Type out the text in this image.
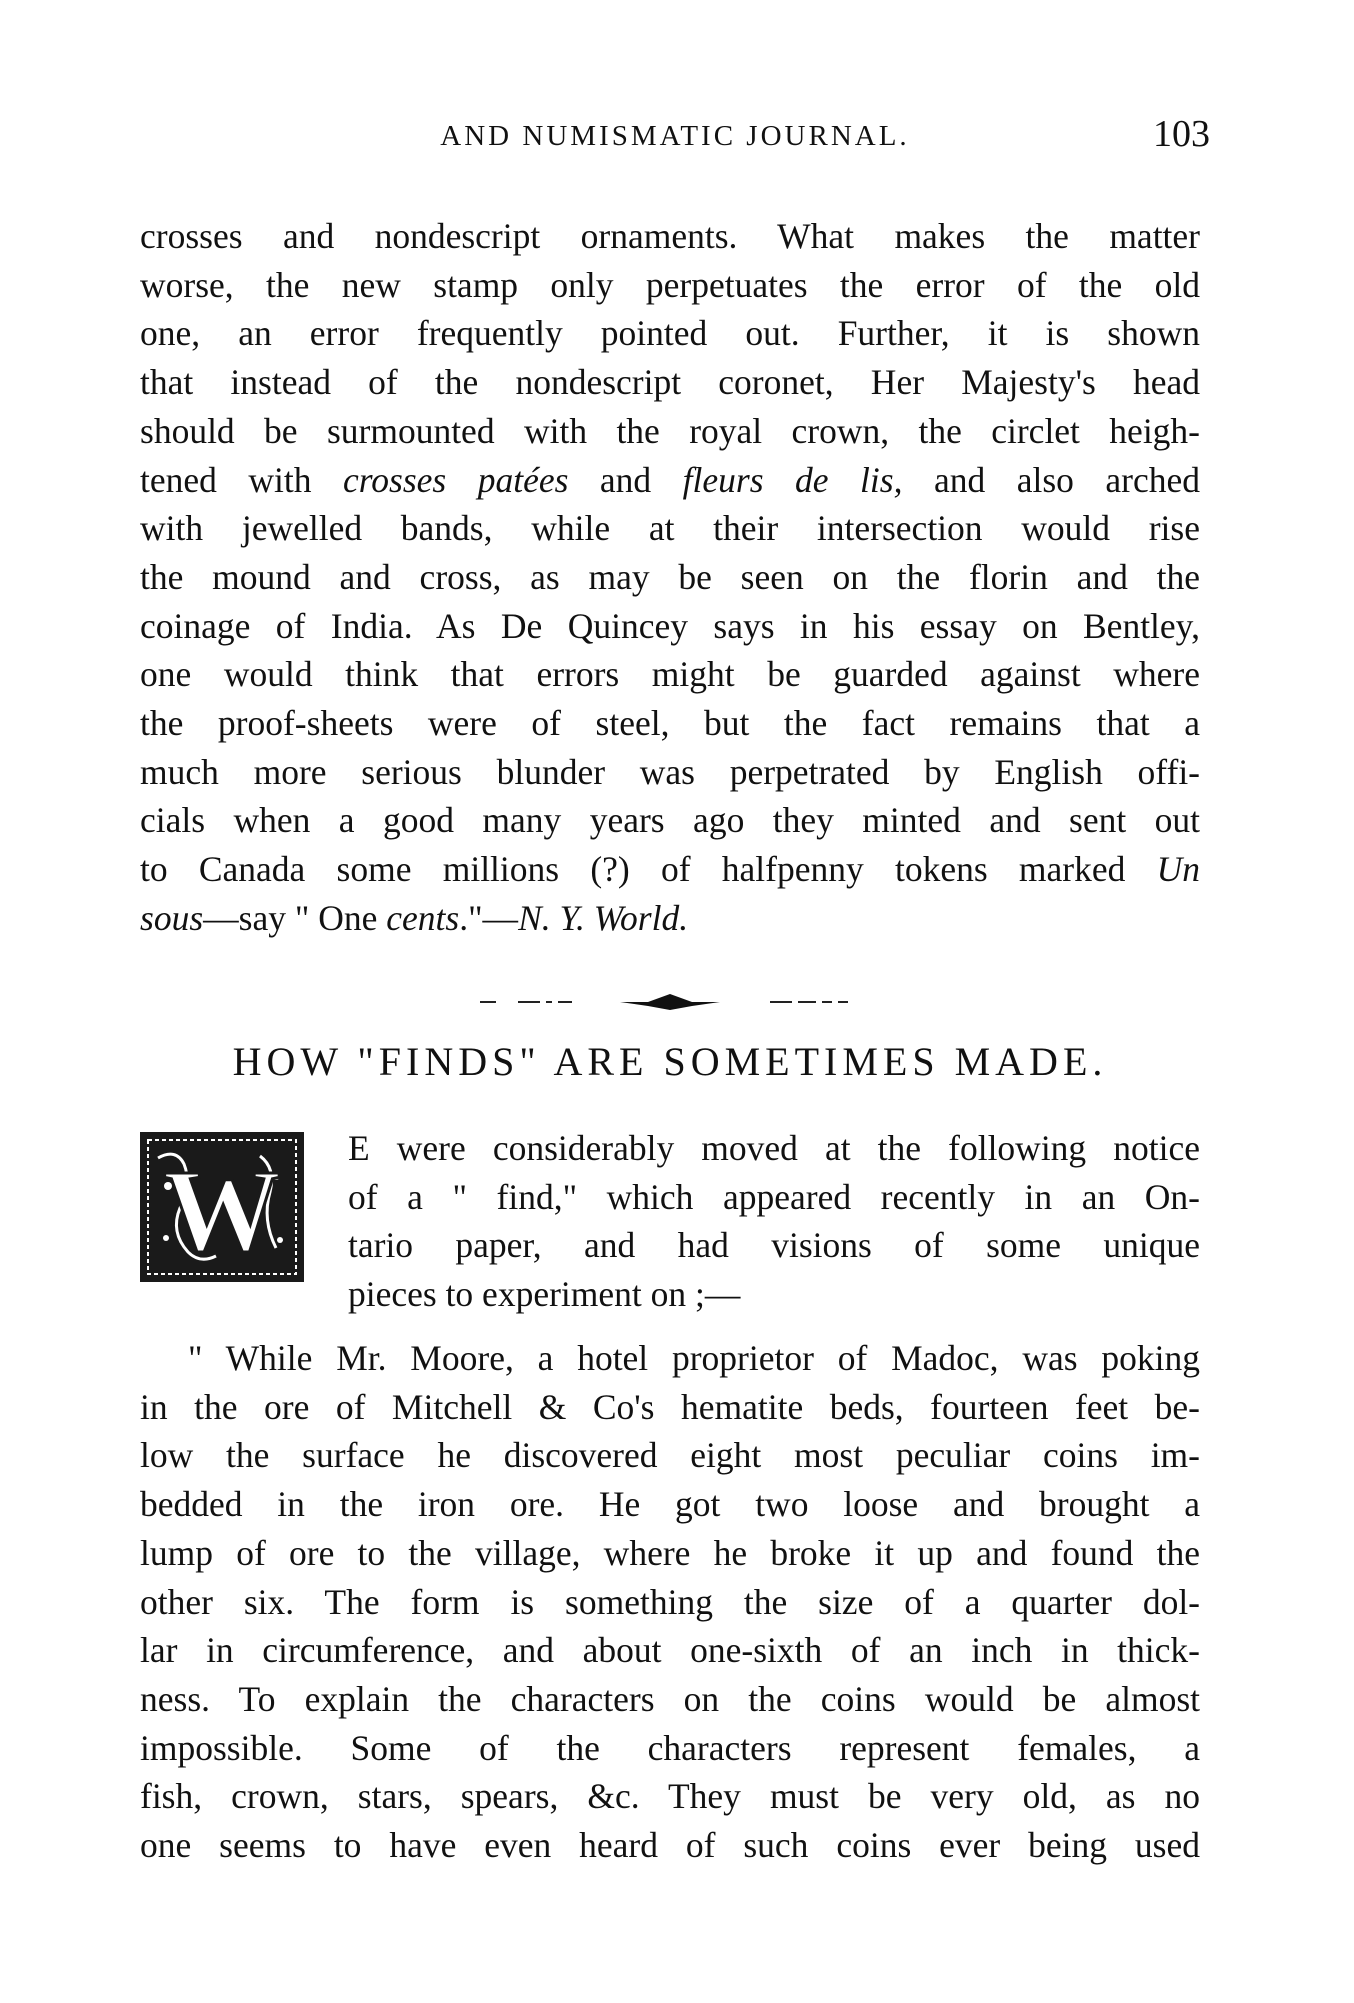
AND NUMISMATIC JOURNAL.	103
crosses and nondescript ornaments. What makes the matter
worse, the new stamp only perpetuates the error of the old
one, an error frequently pointed out. Further, it is shown
that instead of the nondescript coronet, Her Majesty's head
should be surmounted with the royal crown, the circlet heigh-
tened with crosses patées and fleurs de lis, and also arched
with jewelled bands, while at their intersection would rise
the mound and cross, as may be seen on the florin and the
coinage of India. As De Quincey says in his essay on Bentley,
one would think that errors might be guarded against where
the proof-sheets were of steel, but the fact remains that a
much more serious blunder was perpetrated by English offi-
cials when a good many years ago they minted and sent out
to Canada some millions (?) of halfpenny tokens marked Un
sous—say " One cents."—N. Y. World.
HOW "FINDS" ARE SOMETIMES MADE.
W E were considerably moved at the following notice
of a " find," which appeared recently in an On-
tario paper, and had visions of some unique
pieces to experiment on ;—
" While Mr. Moore, a hotel proprietor of Madoc, was poking
in the ore of Mitchell & Co's hematite beds, fourteen feet be-
low the surface he discovered eight most peculiar coins im-
bedded in the iron ore. He got two loose and brought a
lump of ore to the village, where he broke it up and found the
other six. The form is something the size of a quarter dol-
lar in circumference, and about one-sixth of an inch in thick-
ness. To explain the characters on the coins would be almost
impossible. Some of the characters represent females, a
fish, crown, stars, spears, &c. They must be very old, as no
one seems to have even heard of such coins ever being used
